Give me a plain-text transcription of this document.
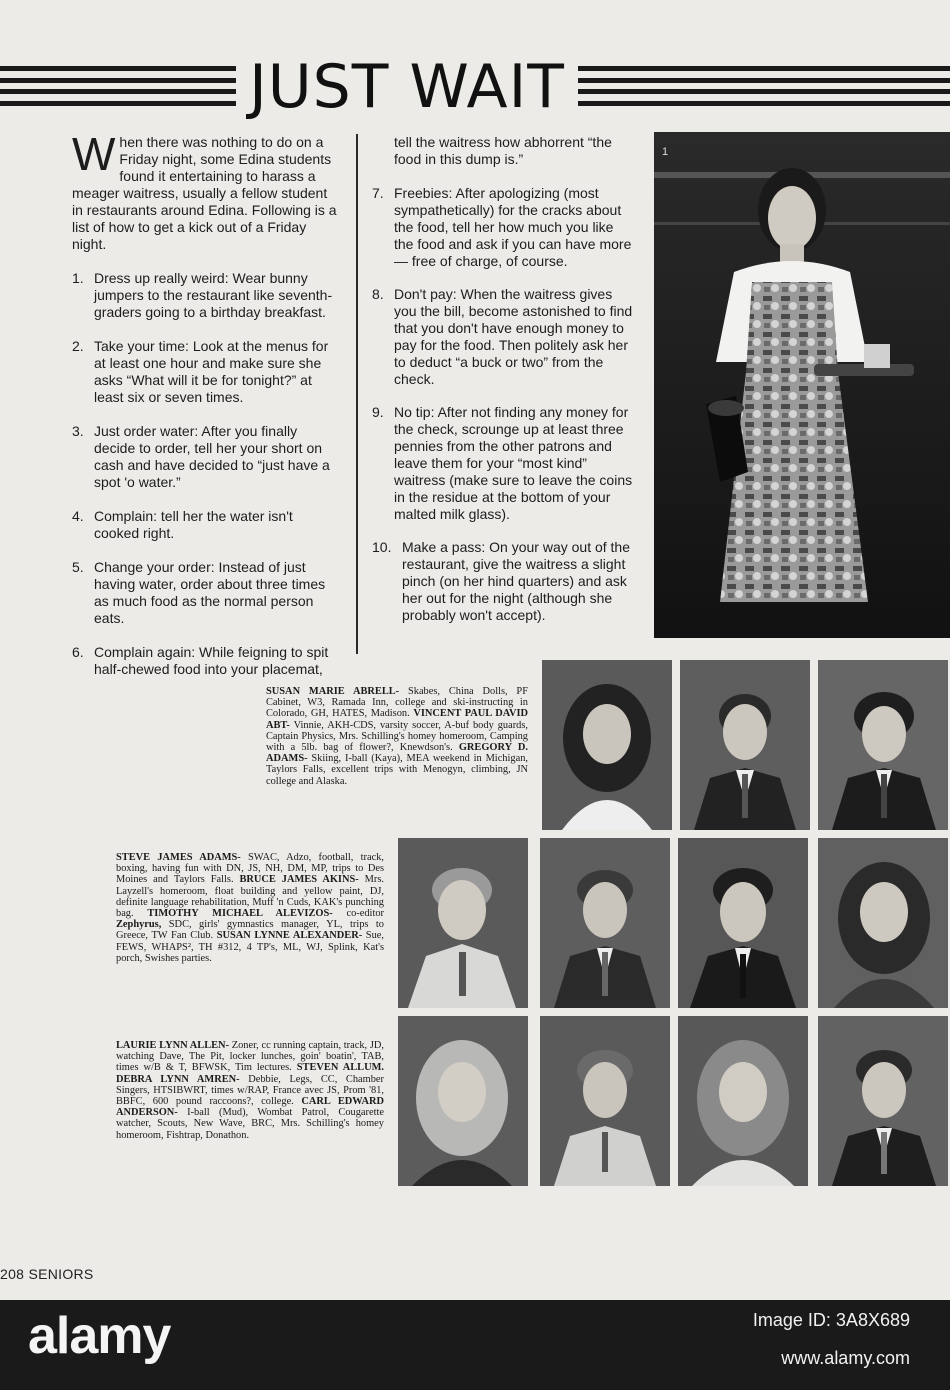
JUST WAIT

W hen there was nothing to do on a Friday night, some Edina students found it entertaining to harass a meager waitress, usually a fellow student in restaurants around Edina. Following is a list of how to get a kick out of a Friday night.

1. Dress up really weird: Wear bunny jumpers to the restaurant like seventh-graders going to a birthday breakfast.
2. Take your time: Look at the menus for at least one hour and make sure she asks “What will it be for tonight?” at least six or seven times.
3. Just order water: After you finally decide to order, tell her your short on cash and have decided to “just have a spot 'o water.”
4. Complain: tell her the water isn't cooked right.
5. Change your order: Instead of just having water, order about three times as much food as the normal person eats.
6. Complain again: While feigning to spit half-chewed food into your placemat,

tell the waitress how abhorrent “the food in this dump is.”

7. Freebies: After apologizing (most sympathetically) for the cracks about the food, tell her how much you like the food and ask if you can have more — free of charge, of course.
8. Don't pay: When the waitress gives you the bill, become astonished to find that you don't have enough money to pay for the food. Then politely ask her to deduct “a buck or two” from the check.
9. No tip: After not finding any money for the check, scrounge up at least three pennies from the other patrons and leave them for your “most kind” waitress (make sure to leave the coins in the residue at the bottom of your malted milk glass).
10. Make a pass: On your way out of the restaurant, give the waitress a slight pinch (on her hind quarters) and ask her out for the night (although she probably won't accept).
1

SUSAN MARIE ABRELL- Skabes, China Dolls, PF Cabinet, W3, Ramada Inn, college and ski-instructing in Colorado, GH, HATES, Madison. VINCENT PAUL DAVID ABT- Vinnie, AKH-CDS, varsity soccer, A-buf body guards, Captain Physics, Mrs. Schilling's homey homeroom, Camping with a 5lb. bag of flower?, Knewdson's. GREGORY D. ADAMS- Skiing, I-ball (Kaya), MEA weekend in Michigan, Taylors Falls, excellent trips with Menogyn, climbing, JN college and Alaska.

STEVE JAMES ADAMS- SWAC, Adzo, football, track, boxing, having fun with DN, JS, NH, DM, MP, trips to Des Moines and Taylors Falls. BRUCE JAMES AKINS- Mrs. Layzell's homeroom, float building and yellow paint, DJ, definite language rehabilitation, Muff 'n Cuds, KAK's punching bag. TIMOTHY MICHAEL ALEVIZOS- co-editor Zephyrus, SDC, girls' gymnastics manager, YL, trips to Greece, TW Fan Club. SUSAN LYNNE ALEXANDER- Sue, FEWS, WHAPS², TH #312, 4 TP's, ML, WJ, Splink, Kat's porch, Swishes parties.

LAURIE LYNN ALLEN- Zoner, cc running captain, track, JD, watching Dave, The Pit, locker lunches, goin' boatin', TAB, times w/B & T, BFWSK, Tim lectures. STEVEN ALLUM. DEBRA LYNN AMREN- Debbie, Legs, CC, Chamber Singers, HTSIBWRT, times w/RAP, France avec JS, Prom '81, BBFC, 600 pound raccoons?, college. CARL EDWARD ANDERSON- I-ball (Mud), Wombat Patrol, Cougarette watcher, Scouts, New Wave, BRC, Mrs. Schilling's homey homeroom, Fishtrap, Donathon.

208 SENIORS
alamy	Image ID: 3A8X689
www.alamy.com
